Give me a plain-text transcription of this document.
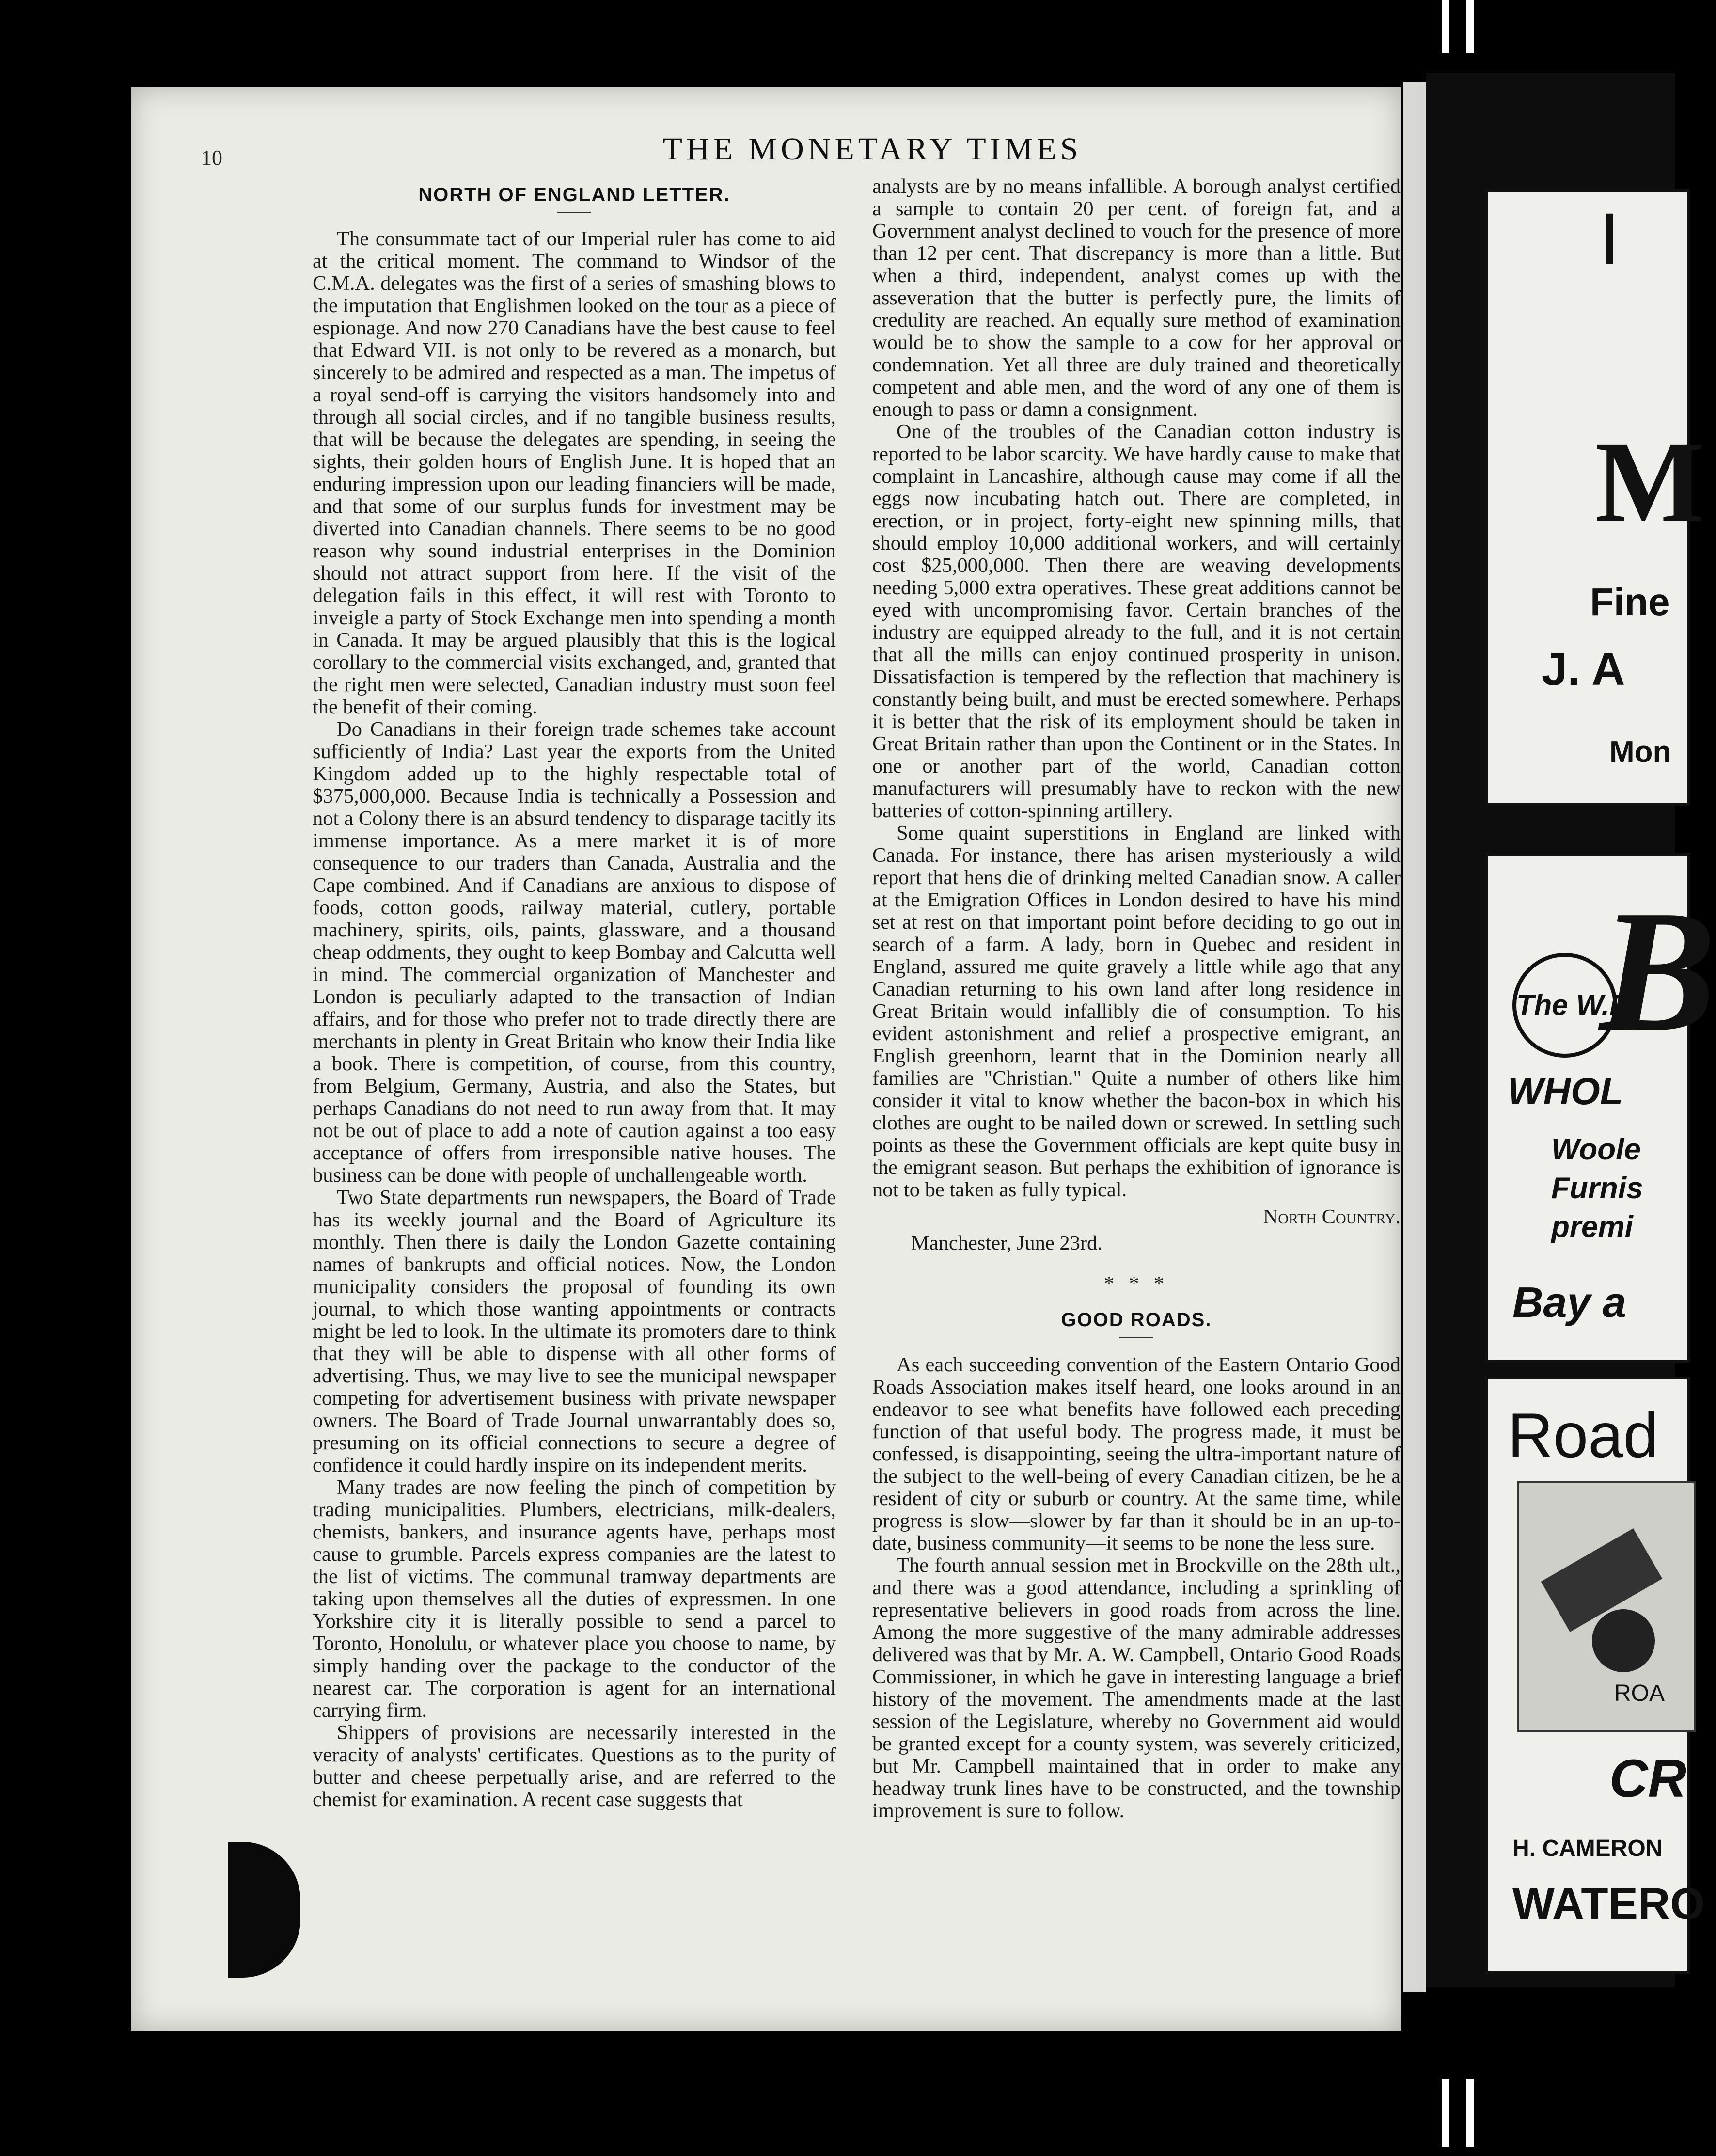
10	THE MONETARY TIMES
NORTH OF ENGLAND LETTER.

The consummate tact of our Imperial ruler has come to aid at the critical moment. The command to Windsor of the C.M.A. delegates was the first of a series of smashing blows to the imputation that Englishmen looked on the tour as a piece of espionage. And now 270 Canadians have the best cause to feel that Edward VII. is not only to be revered as a monarch, but sincerely to be admired and respected as a man. The impetus of a royal send-off is carrying the visitors handsomely into and through all social circles, and if no tangible business results, that will be because the delegates are spending, in seeing the sights, their golden hours of English June. It is hoped that an enduring impression upon our leading financiers will be made, and that some of our surplus funds for investment may be diverted into Canadian channels. There seems to be no good reason why sound industrial enterprises in the Dominion should not attract support from here. If the visit of the delegation fails in this effect, it will rest with Toronto to inveigle a party of Stock Exchange men into spending a month in Canada. It may be argued plausibly that this is the logical corollary to the commercial visits exchanged, and, granted that the right men were selected, Canadian industry must soon feel the benefit of their coming.

Do Canadians in their foreign trade schemes take account sufficiently of India? Last year the exports from the United Kingdom added up to the highly respectable total of $375,000,000. Because India is technically a Possession and not a Colony there is an absurd tendency to disparage tacitly its immense importance. As a mere market it is of more consequence to our traders than Canada, Australia and the Cape combined. And if Canadians are anxious to dispose of foods, cotton goods, railway material, cutlery, portable machinery, spirits, oils, paints, glassware, and a thousand cheap oddments, they ought to keep Bombay and Calcutta well in mind. The commercial organization of Manchester and London is peculiarly adapted to the transaction of Indian affairs, and for those who prefer not to trade directly there are merchants in plenty in Great Britain who know their India like a book. There is competition, of course, from this country, from Belgium, Germany, Austria, and also the States, but perhaps Canadians do not need to run away from that. It may not be out of place to add a note of caution against a too easy acceptance of offers from irresponsible native houses. The business can be done with people of unchallengeable worth.

Two State departments run newspapers, the Board of Trade has its weekly journal and the Board of Agriculture its monthly. Then there is daily the London Gazette containing names of bankrupts and official notices. Now, the London municipality considers the proposal of founding its own journal, to which those wanting appointments or contracts might be led to look. In the ultimate its promoters dare to think that they will be able to dispense with all other forms of advertising. Thus, we may live to see the municipal newspaper competing for advertisement business with private newspaper owners. The Board of Trade Journal unwarrantably does so, presuming on its official connections to secure a degree of confidence it could hardly inspire on its independent merits.

Many trades are now feeling the pinch of competition by trading municipalities. Plumbers, electricians, milk-dealers, chemists, bankers, and insurance agents have, perhaps most cause to grumble. Parcels express companies are the latest to the list of victims. The communal tramway departments are taking upon themselves all the duties of expressmen. In one Yorkshire city it is literally possible to send a parcel to Toronto, Honolulu, or whatever place you choose to name, by simply handing over the package to the conductor of the nearest car. The corporation is agent for an international carrying firm.

Shippers of provisions are necessarily interested in the veracity of analysts' certificates. Questions as to the purity of butter and cheese perpetually arise, and are referred to the chemist for examination. A recent case suggests that

analysts are by no means infallible. A borough analyst certified a sample to contain 20 per cent. of foreign fat, and a Government analyst declined to vouch for the presence of more than 12 per cent. That discrepancy is more than a little. But when a third, independent, analyst comes up with the asseveration that the butter is perfectly pure, the limits of credulity are reached. An equally sure method of examination would be to show the sample to a cow for her approval or condemnation. Yet all three are duly trained and theoretically competent and able men, and the word of any one of them is enough to pass or damn a consignment.

One of the troubles of the Canadian cotton industry is reported to be labor scarcity. We have hardly cause to make that complaint in Lancashire, although cause may come if all the eggs now incubating hatch out. There are completed, in erection, or in project, forty-eight new spinning mills, that should employ 10,000 additional workers, and will certainly cost $25,000,000. Then there are weaving developments needing 5,000 extra operatives. These great additions cannot be eyed with uncompromising favor. Certain branches of the industry are equipped already to the full, and it is not certain that all the mills can enjoy continued prosperity in unison. Dissatisfaction is tempered by the reflection that machinery is constantly being built, and must be erected somewhere. Perhaps it is better that the risk of its employment should be taken in Great Britain rather than upon the Continent or in the States. In one or another part of the world, Canadian cotton manufacturers will presumably have to reckon with the new batteries of cotton-spinning artillery.

Some quaint superstitions in England are linked with Canada. For instance, there has arisen mysteriously a wild report that hens die of drinking melted Canadian snow. A caller at the Emigration Offices in London desired to have his mind set at rest on that important point before deciding to go out in search of a farm. A lady, born in Quebec and resident in England, assured me quite gravely a little while ago that any Canadian returning to his own land after long residence in Great Britain would infallibly die of consumption. To his evident astonishment and relief a prospective emigrant, an English greenhorn, learnt that in the Dominion nearly all families are "Christian." Quite a number of others like him consider it vital to know whether the bacon-box in which his clothes are ought to be nailed down or screwed. In settling such points as these the Government officials are kept quite busy in the emigrant season. But perhaps the exhibition of ignorance is not to be taken as fully typical.

North Country.
Manchester, June 23rd.
* * *
GOOD ROADS.

As each succeeding convention of the Eastern Ontario Good Roads Association makes itself heard, one looks around in an endeavor to see what benefits have followed each preceding function of that useful body. The progress made, it must be confessed, is disappointing, seeing the ultra-important nature of the subject to the well-being of every Canadian citizen, be he a resident of city or suburb or country. At the same time, while progress is slow—slower by far than it should be in an up-to-date, business community—it seems to be none the less sure.

The fourth annual session met in Brockville on the 28th ult., and there was a good attendance, including a sprinkling of representative believers in good roads from across the line. Among the more suggestive of the many admirable addresses delivered was that by Mr. A. W. Campbell, Ontario Good Roads Commissioner, in which he gave in interesting language a brief history of the movement. The amendments made at the last session of the Legislature, whereby no Government aid would be granted except for a county system, was severely criticized, but Mr. Campbell maintained that in order to make any headway trunk lines have to be constructed, and the township improvement is sure to follow.

I
M
Fine
J. A
Mon
The W.R
B
WHOL
Woole
Furnis
premi
Bay a
Road
ROA
CR
H. CAMERON
WATERO
